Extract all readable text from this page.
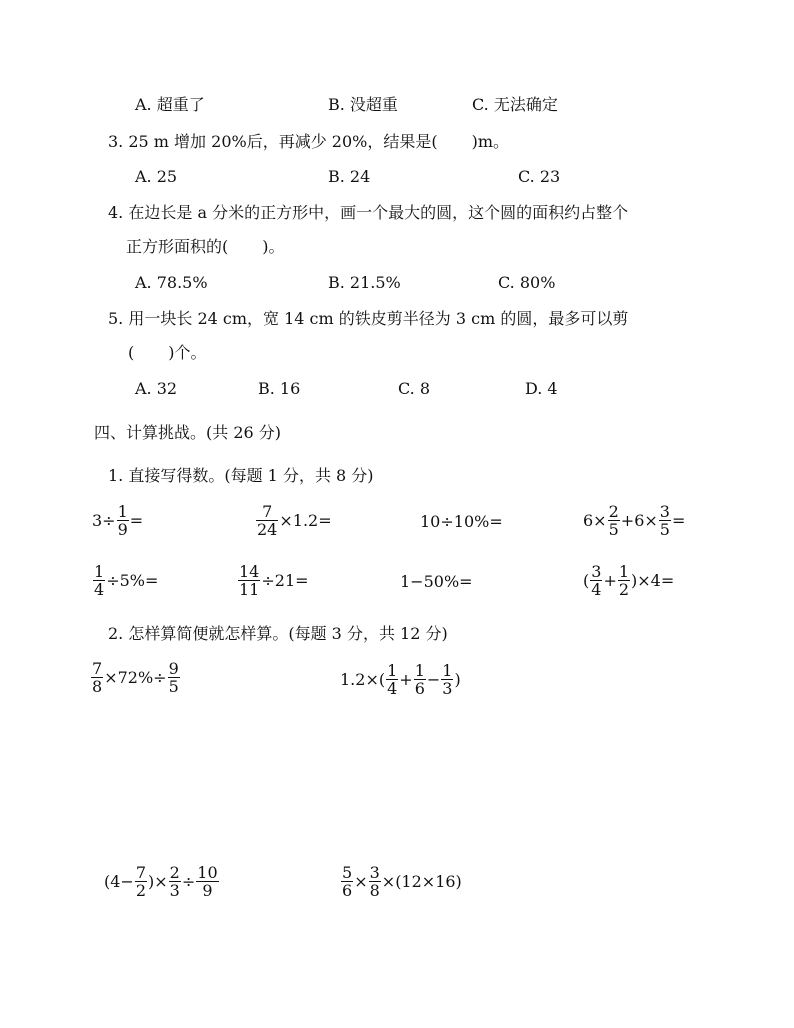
A. 超重了	B. 没超重	C. 无法确定
3. 25 m 增加 20%后，再减少 20%，结果是( )m。
A. 25	B. 24	C. 23
4. 在边长是 a 分米的正方形中，画一个最大的圆，这个圆的面积约占整个
正方形面积的( )。
A. 78.5%	B. 21.5%	C. 80%
5. 用一块长 24 cm，宽 14 cm 的铁皮剪半径为 3 cm 的圆，最多可以剪
( )个。
A. 32	B. 16	C. 8	D. 4
四、计算挑战。(共 26 分)
1. 直接写得数。(每题 1 分，共 8 分)
$3\div \frac{1}{9}$ =	$\frac{7}{24} \times 1.2=$	10÷10%=	$6\times \frac{2}{5} +6\times \frac{3}{5}$ =
$\frac{1}{4} \div 5\%=$	$\frac{14}{11} \div 21=$	1−50%=	( $\frac{3}{4} + \frac{1}{2} )\times 4=$
2. 怎样算简便就怎样算。(每题 3 分，共 12 分)
$\frac{7}{8} \times 72\%\div \frac{9}{5}$	$1.2\times( \frac{1}{4} + \frac{1}{6} - \frac{1}{3}$ )
($4- \frac{7}{2}$ )× $\frac{2}{3} \div \frac{10}{9}$	$\frac{5}{6} \times \frac{3}{8} \times(12\times 16)$
